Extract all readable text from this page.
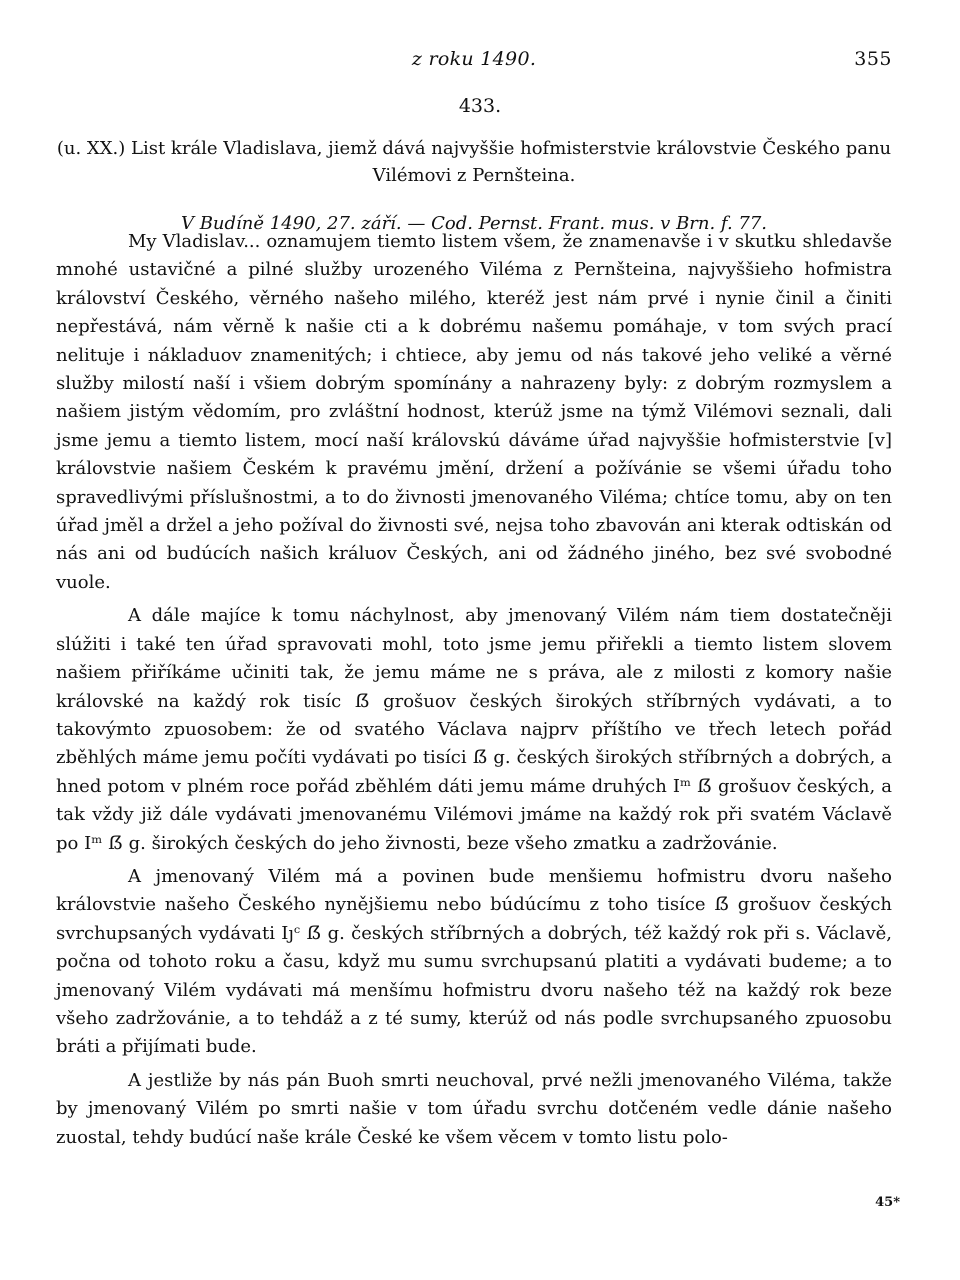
z roku 1490.	355
433.

(u. XX.) List krále Vladislava, jiemž dává najvyššie hofmisterstvie královstvie Českého panu Vilémovi z Pernšteina.

V Budíně 1490, 27. září. — Cod. Pernst. Frant. mus. v Brn. f. 77.

My Vladislav... oznamujem tiemto listem všem, že znamenavše i v skutku shledavše mnohé ustavičné a pilné služby urozeného Viléma z Pernšteina, najvyššieho hofmistra království Českého, věrného našeho milého, kteréž jest nám prvé i nynie činil a činiti nepřestává, nám věrně k našie cti a k dobrému našemu pomáhaje, v tom svých prací nelituje i nákladuov znamenitých; i chtiece, aby jemu od nás takové jeho veliké a věrné služby milostí naší i všiem dobrým spomínány a nahrazeny byly: z dobrým rozmyslem a našiem jistým vědomím, pro zvláštní hodnost, kterúž jsme na týmž Vilémovi seznali, dali jsme jemu a tiemto listem, mocí naší královskú dáváme úřad najvyššie hofmisterstvie [v] královstvie našiem Českém k pravému jmění, držení a požívánie se všemi úřadu toho spravedlivými příslušnostmi, a to do živnosti jmenovaného Viléma; chtíce tomu, aby on ten úřad jměl a držel a jeho požíval do živnosti své, nejsa toho zbavován ani kterak odtiskán od nás ani od budúcích našich králuov Českých, ani od žádného jiného, bez své svobodné vuole.

A dále majíce k tomu náchylnost, aby jmenovaný Vilém nám tiem dostatečněji slúžiti i také ten úřad spravovati mohl, toto jsme jemu přiřekli a tiemto listem slovem našiem přiříkáme učiniti tak, že jemu máme ne s práva, ale z milosti z komory našie královské na každý rok tisíc ẞ grošuov českých širokých stříbrných vydávati, a to takovýmto zpuosobem: že od svatého Václava najprv příštího ve třech letech pořád zběhlých máme jemu počíti vydávati po tisíci ẞ g. českých širokých stříbrných a dobrých, a hned potom v plném roce pořád zběhlém dáti jemu máme druhých Iᵐ ẞ grošuov českých, a tak vždy již dále vydávati jmenovanému Vilémovi jmáme na každý rok při svatém Václavě po Iᵐ ẞ g. širokých českých do jeho živnosti, beze všeho zmatku a zadržovánie.

A jmenovaný Vilém má a povinen bude menšiemu hofmistru dvoru našeho královstvie našeho Českého nynějšiemu nebo búdúcímu z toho tisíce ẞ grošuov českých svrchupsaných vydávati Iȷᶜ ẞ g. českých stříbrných a dobrých, též každý rok při s. Václavě, počna od tohoto roku a času, když mu sumu svrchupsanú platiti a vydávati budeme; a to jmenovaný Vilém vydávati má menšímu hofmistru dvoru našeho též na každý rok beze všeho zadržovánie, a to tehdáž a z té sumy, kterúž od nás podle svrchupsaného zpuosobu bráti a přijímati bude.

A jestliže by nás pán Buoh smrti neuchoval, prvé nežli jmenovaného Viléma, takže by jmenovaný Vilém po smrti našie v tom úřadu svrchu dotčeném vedle dánie našeho zuostal, tehdy budúcí naše krále České ke všem věcem v tomto listu polo-

45*
